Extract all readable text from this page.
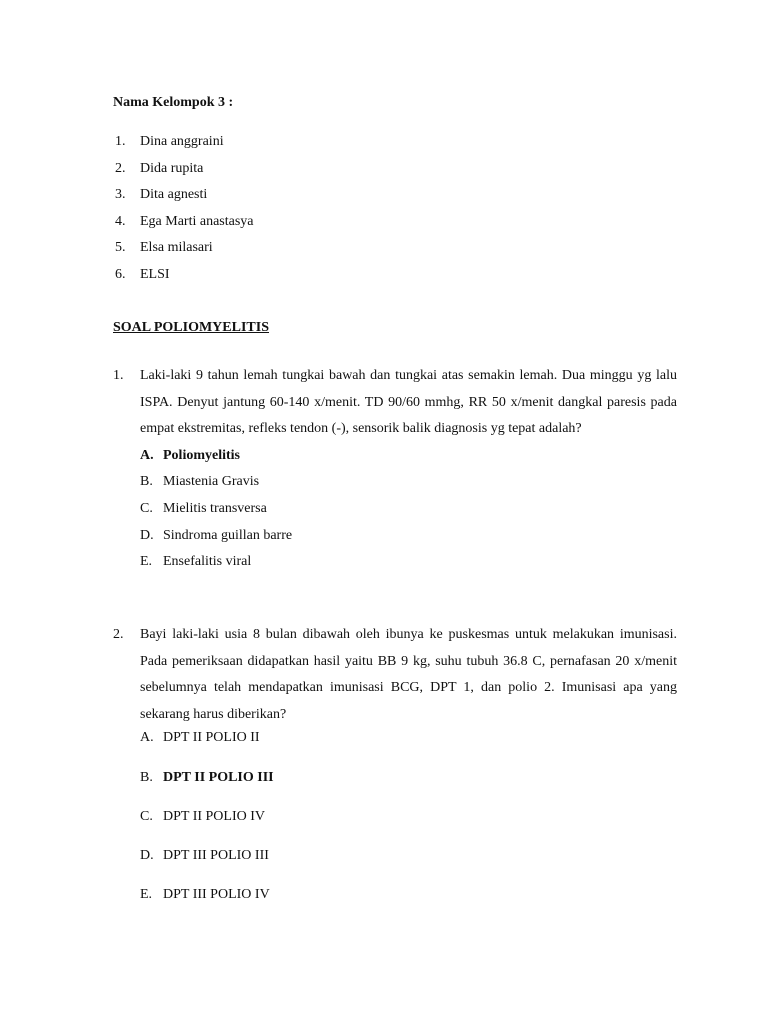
Nama Kelompok 3 :
1.	Dina anggraini
2.	Dida rupita
3.	Dita agnesti
4.	Ega Marti anastasya
5.	Elsa milasari
6.	ELSI
SOAL POLIOMYELITIS
1.	Laki-laki 9 tahun lemah tungkai bawah dan tungkai atas semakin lemah. Dua minggu yg lalu ISPA. Denyut jantung 60-140 x/menit. TD 90/60 mmhg, RR 50 x/menit dangkal paresis pada empat ekstremitas, refleks tendon (-), sensorik balik diagnosis yg tepat adalah?
A. Poliomyelitis
B. Miastenia Gravis
C. Mielitis transversa
D. Sindroma guillan barre
E. Ensefalitis viral
2.	Bayi laki-laki usia 8 bulan dibawah oleh ibunya ke puskesmas untuk melakukan imunisasi. Pada pemeriksaan didapatkan hasil yaitu BB 9 kg, suhu tubuh 36.8 C, pernafasan 20 x/menit sebelumnya telah mendapatkan imunisasi BCG, DPT 1, dan polio 2. Imunisasi apa yang sekarang harus diberikan?
A. DPT II POLIO II
B. DPT II POLIO III
C. DPT II POLIO IV
D. DPT III POLIO III
E. DPT III POLIO IV
